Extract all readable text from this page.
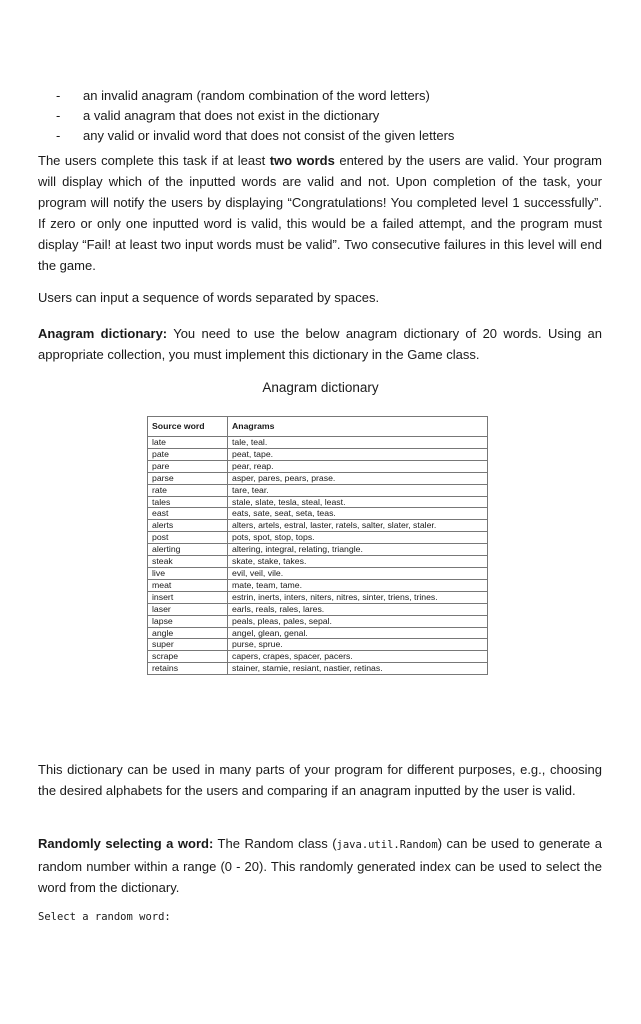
- an invalid anagram (random combination of the word letters)
- a valid anagram that does not exist in the dictionary
- any valid or invalid word that does not consist of the given letters

The users complete this task if at least two words entered by the users are valid. Your program will display which of the inputted words are valid and not. Upon completion of the task, your program will notify the users by displaying “Congratulations! You completed level 1 successfully”. If zero or only one inputted word is valid, this would be a failed attempt, and the program must display “Fail! at least two input words must be valid”. Two consecutive failures in this level will end the game.

Users can input a sequence of words separated by spaces.

Anagram dictionary: You need to use the below anagram dictionary of 20 words. Using an appropriate collection, you must implement this dictionary in the Game class.

Anagram dictionary
Source word	Anagrams
late	tale, teal.
pate	peat, tape.
pare	pear, reap.
parse	asper, pares, pears, prase.
rate	tare, tear.
tales	stale, slate, tesla, steal, least.
east	eats, sate, seat, seta, teas.
alerts	alters, artels, estral, laster, ratels, salter, slater, staler.
post	pots, spot, stop, tops.
alerting	altering, integral, relating, triangle.
steak	skate, stake, takes.
live	evil, veil, vile.
meat	mate, team, tame.
insert	estrin, inerts, inters, niters, nitres, sinter, triens, trines.
laser	earls, reals, rales, lares.
lapse	peals, pleas, pales, sepal.
angle	angel, glean, genal.
super	purse, sprue.
scrape	capers, crapes, spacer, pacers.
retains	stainer, stamie, resiant, nastier, retinas.

This dictionary can be used in many parts of your program for different purposes, e.g., choosing the desired alphabets for the users and comparing if an anagram inputted by the user is valid.

Randomly selecting a word: The Random class (java.util.Random) can be used to generate a random number within a range (0 - 20). This randomly generated index can be used to select the word from the dictionary.

Select a random word:
